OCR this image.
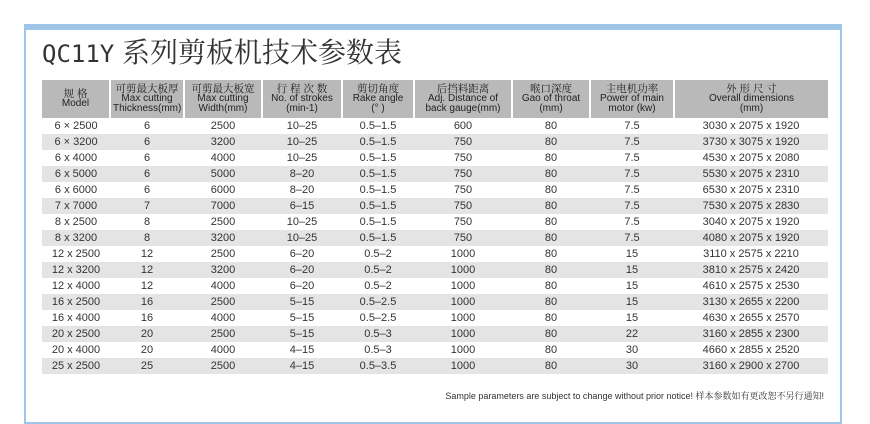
QC11Y 系列剪板机技术参数表
规 格
Model	可剪最大板厚
Max cutting
Thickness(mm)	可剪最大板宽
Max cutting
Width(mm)	行 程 次 数
No. of strokes
(min-1)	剪切角度
Rake angle
(° )	后挡料距离
Adj. Distance of
back gauge(mm)	喉口深度
Gao of throat
(mm)	主电机功率
Power of main
motor (kw)	外 形 尺 寸
Overall dimensions
(mm)

6 × 2500	6	2500	10–25	0.5–1.5	600	80	7.5	3030 x 2075 x 1920
6 × 3200	6	3200	10–25	0.5–1.5	750	80	7.5	3730 x 3075 x 1920
6 x 4000	6	4000	10–25	0.5–1.5	750	80	7.5	4530 x 2075 x 2080
6 x 5000	6	5000	8–20	0.5–1.5	750	80	7.5	5530 x 2075 x 2310
6 x 6000	6	6000	8–20	0.5–1.5	750	80	7.5	6530 x 2075 x 2310
7 x 7000	7	7000	6–15	0.5–1.5	750	80	7.5	7530 x 2075 x 2830
8 x 2500	8	2500	10–25	0.5–1.5	750	80	7.5	3040 x 2075 x 1920
8 x 3200	8	3200	10–25	0.5–1.5	750	80	7.5	4080 x 2075 x 1920
12 x 2500	12	2500	6–20	0.5–2	1000	80	15	3110 x 2575 x 2210
12 x 3200	12	3200	6–20	0.5–2	1000	80	15	3810 x 2575 x 2420
12 x 4000	12	4000	6–20	0.5–2	1000	80	15	4610 x 2575 x 2530
16 x 2500	16	2500	5–15	0.5–2.5	1000	80	15	3130 x 2655 x 2200
16 x 4000	16	4000	5–15	0.5–2.5	1000	80	15	4630 x 2655 x 2570
20 x 2500	20	2500	5–15	0.5–3	1000	80	22	3160 x 2855 x 2300
20 x 4000	20	4000	4–15	0.5–3	1000	80	30	4660 x 2855 x 2520
25 x 2500	25	2500	4–15	0.5–3.5	1000	80	30	3160 x 2900 x 2700
Sample parameters are subject to change without prior notice! 样本参数如有更改恕不另行通知!
